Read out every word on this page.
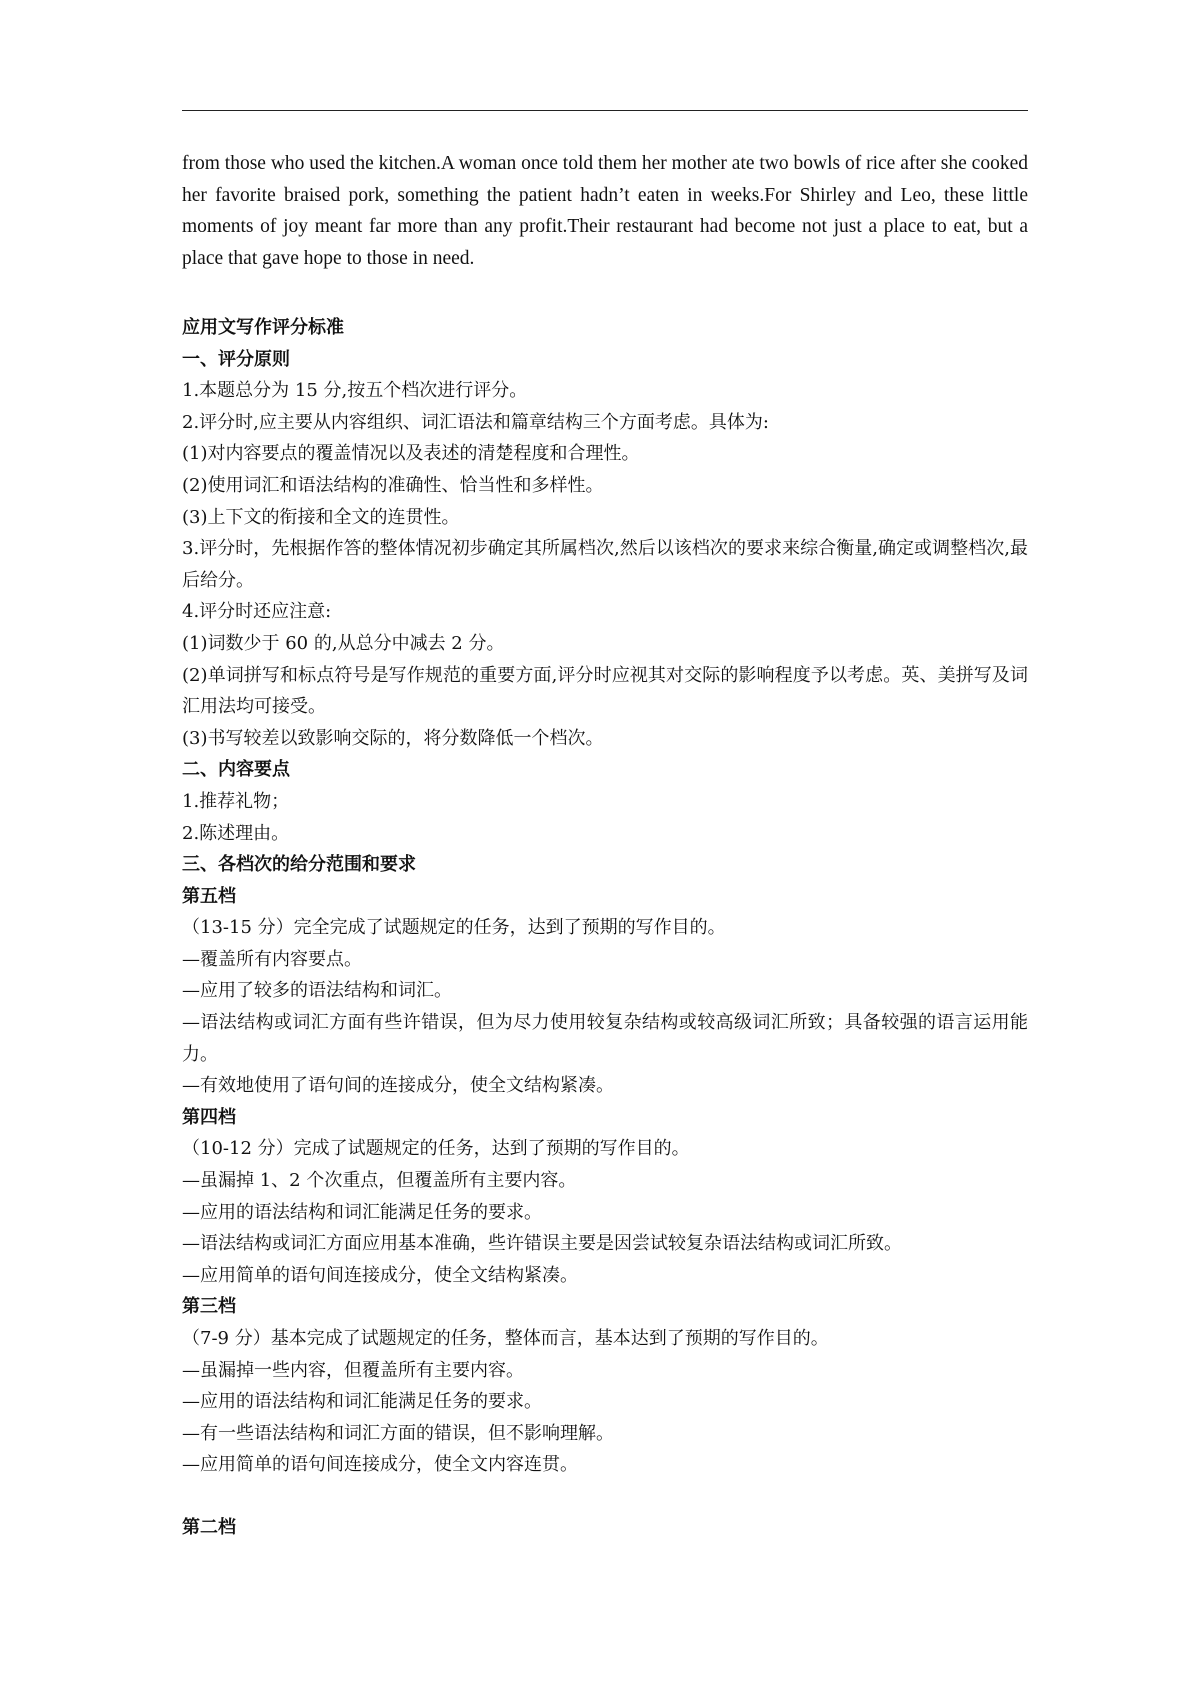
from those who used the kitchen.A woman once told them her mother ate two bowls of rice after she cooked her favorite braised pork, something the patient hadn’t eaten in weeks.For Shirley and Leo, these little moments of joy meant far more than any profit.Their restaurant had become not just a place to eat, but a place that gave hope to those in need.

应用文写作评分标准

一、评分原则

1.本题总分为 15 分,按五个档次进行评分。

2.评分时,应主要从内容组织、词汇语法和篇章结构三个方面考虑。具体为:

(1)对内容要点的覆盖情况以及表述的清楚程度和合理性。

(2)使用词汇和语法结构的准确性、恰当性和多样性。

(3)上下文的衔接和全文的连贯性。

3.评分时，先根据作答的整体情况初步确定其所属档次,然后以该档次的要求来综合衡量,确定或调整档次,最后给分。

4.评分时还应注意:

(1)词数少于 60 的,从总分中减去 2 分。

(2)单词拼写和标点符号是写作规范的重要方面,评分时应视其对交际的影响程度予以考虑。英、美拼写及词汇用法均可接受。

(3)书写较差以致影响交际的，将分数降低一个档次。

二、内容要点

1.推荐礼物；

2.陈述理由。

三、各档次的给分范围和要求

第五档

（13-15 分）完全完成了试题规定的任务，达到了预期的写作目的。

—覆盖所有内容要点。

—应用了较多的语法结构和词汇。

—语法结构或词汇方面有些许错误，但为尽力使用较复杂结构或较高级词汇所致；具备较强的语言运用能力。

—有效地使用了语句间的连接成分，使全文结构紧凑。

第四档

（10-12 分）完成了试题规定的任务，达到了预期的写作目的。

—虽漏掉 1、2 个次重点，但覆盖所有主要内容。

—应用的语法结构和词汇能满足任务的要求。

—语法结构或词汇方面应用基本准确，些许错误主要是因尝试较复杂语法结构或词汇所致。

—应用简单的语句间连接成分，使全文结构紧凑。

第三档

（7-9 分）基本完成了试题规定的任务，整体而言，基本达到了预期的写作目的。

—虽漏掉一些内容，但覆盖所有主要内容。

—应用的语法结构和词汇能满足任务的要求。

—有一些语法结构和词汇方面的错误，但不影响理解。

—应用简单的语句间连接成分，使全文内容连贯。

第二档
